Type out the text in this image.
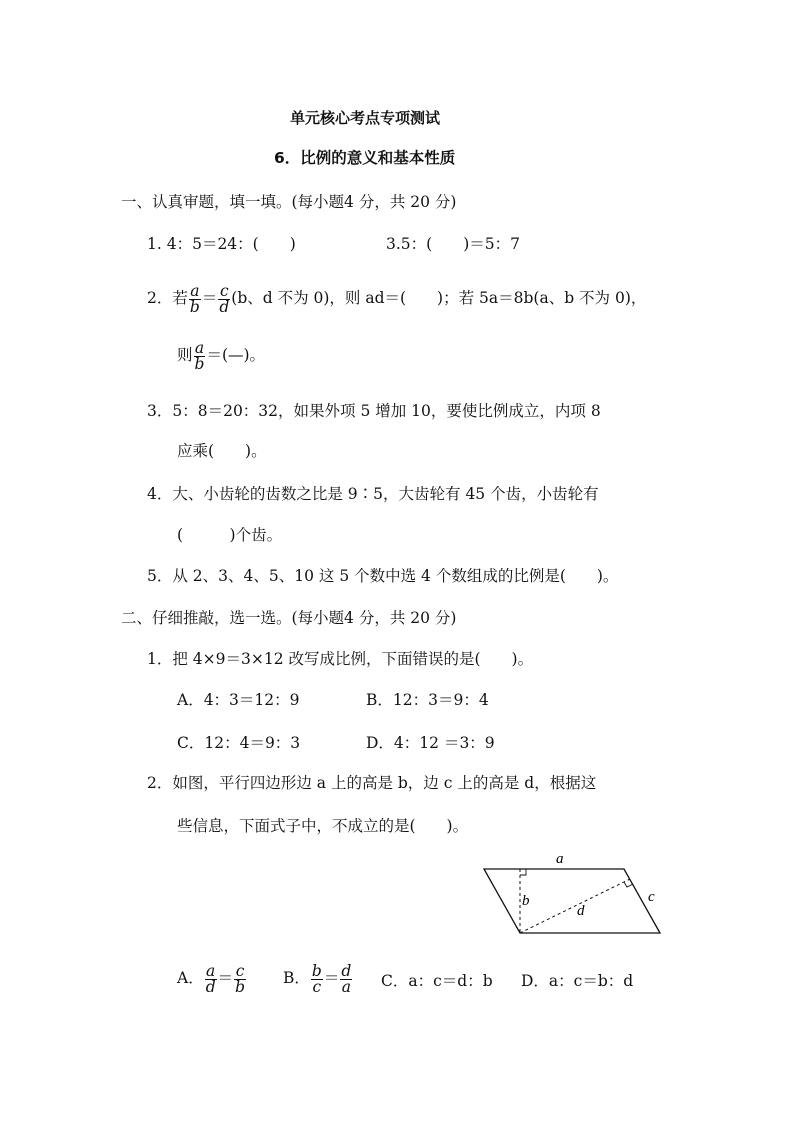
单元核心考点专项测试
6．比例的意义和基本性质
一、认真审题，填一填。(每小题4 分，共 20 分)
1. 4：5＝24：(　　)	3.5：(　　)＝5：7
2．若 $\frac{a}{b} = \frac{c}{d} (b$、d 不为 0)，则 ad＝(　　)；若 5a＝8b(a、b 不为 0)，
则 $\frac{a}{b}$ ＝(—)。
3．5：8＝20：32，如果外项 5 增加 10，要使比例成立，内项 8
应乘(　　)。
4．大、小齿轮的齿数之比是 9∶5，大齿轮有 45 个齿，小齿轮有
(　　　)个齿。
5．从 2、3、4、5、10 这 5 个数中选 4 个数组成的比例是(　　)。
二、仔细推敲，选一选。(每小题4 分，共 20 分)
1．把 4×9＝3×12 改写成比例，下面错误的是(　　)。
A．4：3＝12：9	B．12：3＝9：4
C．12：4＝9：3	D．4：12 ＝3：9
2．如图，平行四边形边 a 上的高是 b，边 c 上的高是 d，根据这
些信息，下面式子中，不成立的是(　　)。
a
b	c
d
A． $\frac{a}{d} = \frac{c}{b}$ B． $\frac{b}{c} = \frac{d}{a}$ C．a：c＝d：b D．a：c＝b：d
